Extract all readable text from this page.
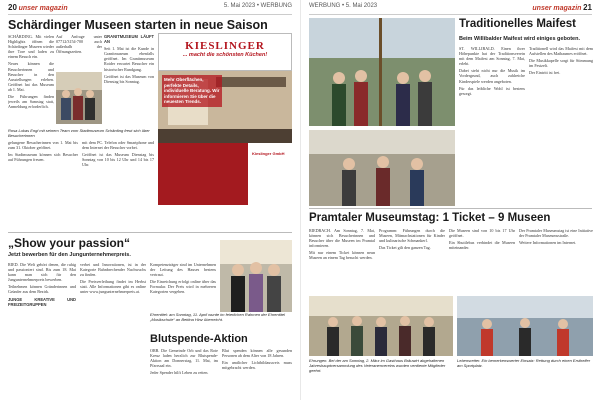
20 unser magazin	5. Mai 2023 • WERBUNG
Schärdinger Museen starten in neue Saison
KIESLINGER
... macht die schönsten Küchen!
Mehr Oberflächen, perfekte Details, individuelle Beratung. Wir informieren Sie über die neuesten Trends.
Kieslinger GmbH

SCHÄRDING. Mit vielen Highlights öffnen die Schärdinger Museen wieder ihre Tore und laden zu einem Besuch ein.

Neues können die Besucherinnen und Besucher in den Ausstellungen erleben. Geöffnet hat das Museum ab 1. Mai.

Die Führungen finden jeweils am Samstag statt, Anmeldung erforderlich.

Auf Anfrage unter 07712/3154-700 auch außerhalb der Öffnungszeiten.

GRANITMUSEUM LÄUFT AN

Seit 1. Mai ist die Kunde in Granitmuseum ebenfalls geöffnet. Im Granitmuseum Roider erwartet Besucher ein historischer Rundgang.

Geöffnet ist das Museum von Dienstag bis Sonntag.

Rosa Lukas Engl mit seinem Team vom Stadtmuseum Schärding freut sich über Besucherinnen

gelungene Besucherinnen von 1. Mai bis zum 31. Oktober geöffnet.

Im Stadtmuseum können sich Besucher auf Führungen freuen.

mit dem PC. Telefon oder Smartphone und dem Internet der Besucher vorbei.

Geöffnet ist das Museum Dienstag bis Sonntag von 10 bis 12 Uhr und 14 bis 17 Uhr.

„Show your passion“
Jetzt bewerben für den Jungunternehmerpreis.

RIED. Die Welt gehört denen, die ruhig und passioniert sind. Bis zum 18. Mai kann man sich für den Jungunternehmerpreis bewerben.

Teilnehmen können Gründerinnen und Gründer aus dem Bezirk.

JUNGE KREATIVE UND FREIZEITGRUPPEN

verbei und Innovationen, ist in der Kategorie Bahnbrechender Nachwuchs zu finden.

Die Preisverleihung findet im Herbst statt. Alle Informationen gibt es online unter www.jungunternehmerpreis.at.

Kompetenzträger sind im Unternehmen der Leitung des Hauses bestens vertraut.

Die Einreichung erfolgt online über das Formular. Der Preis wird in mehreren Kategorien vergeben.

Ehrentitel: am Sonntag, 11. April wurde im feierlichen Rahmen der Ehrentitel „Musikschule“ an Bettina Hinz überreicht.
Blutspende-Aktion

ORB. Die Gemeinde Orb und das Rote Kreuz laden herzlich zur Blutspende-Aktion am Donnerstag, 11. Mai, im Pfarrsaal ein.

Jeder Spender hilft Leben zu retten.

Blut spenden können alle gesunden Personen ab dem Alter von 18 Jahren.

Ein amtlicher Lichtbildausweis muss mitgebracht werden.

WERBUNG • 5. Mai 2023	unser magazin 21
Traditionelles Maifest
Beim Willibalder Maifest wird einiges geboten.

ST. WILLIBALD. Einen ihrer Höhepunkte hat der Traditionsverein mit dem Maifest am Sonntag, 7. Mai, erlebt.

Dabei steht nicht nur die Musik im Vordergrund, auch zahlreiche Kinderspiele werden angeboten.

Für das leibliche Wohl ist bestens gesorgt.

Traditionell wird das Maifest mit dem Aufstellen des Maibaumes eröffnet.

Die Musikkapelle sorgt für Stimmung im Festzelt.

Der Eintritt ist frei.

Pramtaler Museumstag: 1 Ticket – 9 Museen

RIEDBACH. Am Sonntag, 7. Mai, können sich Besucherinnen und Besucher über die Museen im Pramtal informieren.

Mit nur einem Ticket können neun Museen an einem Tag besucht werden.

Programm: Führungen durch die Museen, Mitmachstationen für Kinder und kulinarische Schmankerl.

Das Ticket gilt den ganzen Tag.

Die Museen sind von 10 bis 17 Uhr geöffnet.

Ein Shuttlebus verbindet die Museen miteinander.

Der Pramtaler Museumstag ist eine Initiative der Pramtaler Museumsstraße.

Weitere Informationen im Internet.

Ehrungen. Bei der am Sonntag, 2. März im Gasthaus Bräuwirt abgehaltenen Jahreshauptversammlung des Veteranenvereins wurden verdiente Mitglieder geehrt.
Lebensretter. Ein bemerkenswerter Einsatz: Rettung durch einen Ersthelfer am Sportplatz.
